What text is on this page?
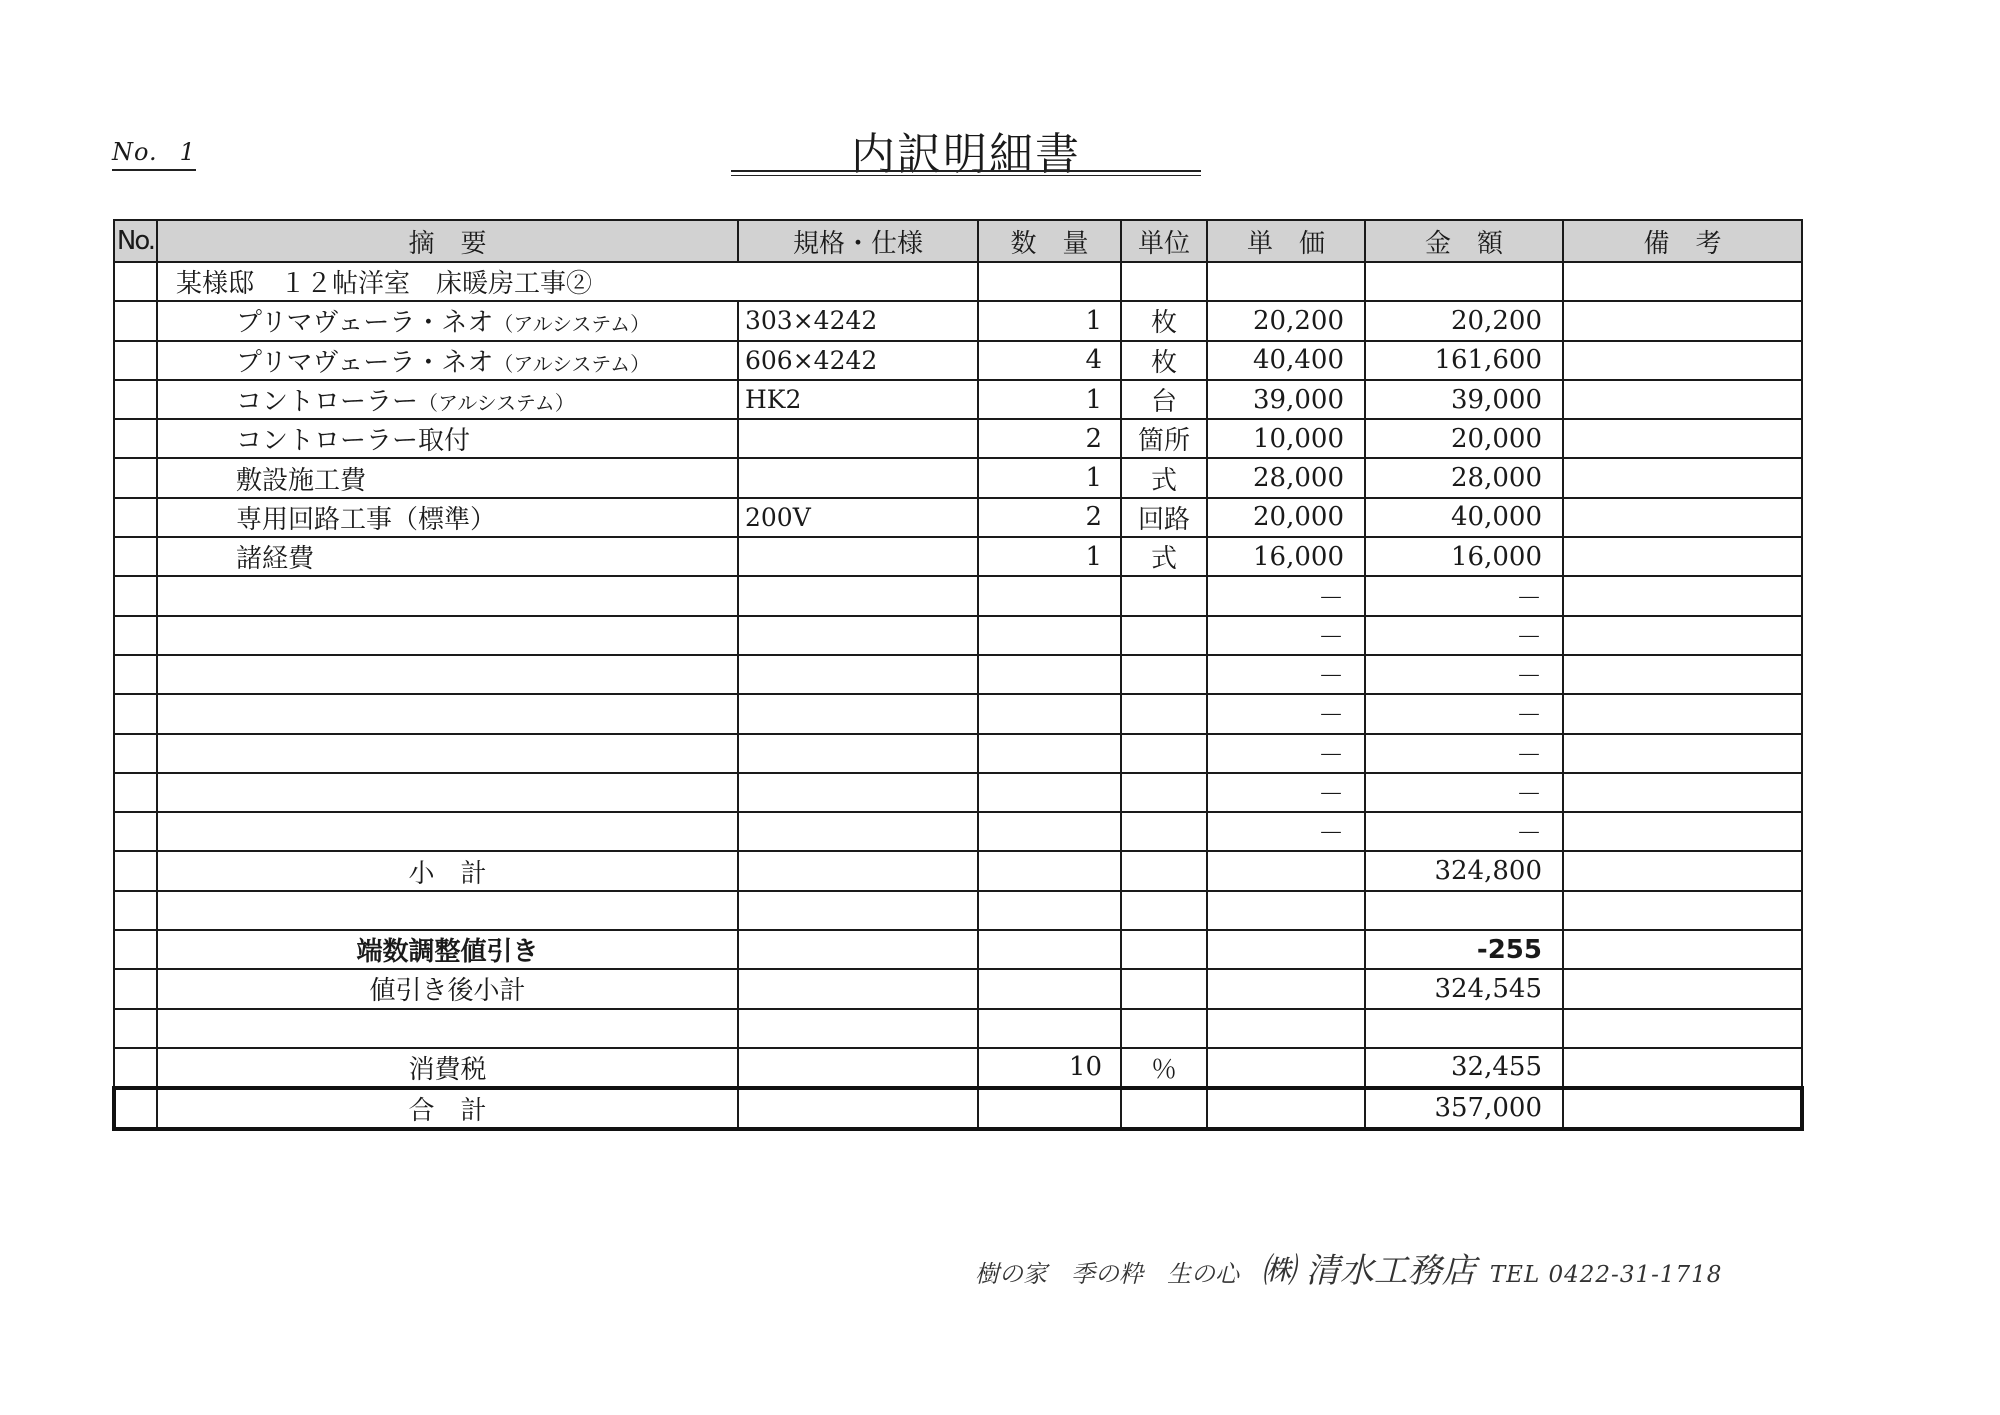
No. 1	内訳明細書
No.	摘　要	規格・仕様	数　量	単位	単　価	金　額	備　考
	某様邸　１２帖洋室　床暖房工事②						
	プリマヴェーラ・ネオ（アルシステム）	303×4242	1	枚	20,200	20,200	
	プリマヴェーラ・ネオ（アルシステム）	606×4242	4	枚	40,400	161,600	
	コントローラー（アルシステム）	HK2	1	台	39,000	39,000	
	コントローラー取付		2	箇所	10,000	20,000	
	敷設施工費		1	式	28,000	28,000	
	専用回路工事（標準）	200V	2	回路	20,000	40,000	
	諸経費		1	式	16,000	16,000	
					－	－	
					－	－	
					－	－	
					－	－	
					－	－	
					－	－	
					－	－	
	小　計					324,800	

	端数調整値引き					-255	
	値引き後小計					324,545	

	消費税		10	％		32,455	
	合　計					357,000	
樹の家　季の粋　生の心 ㈱ 清水工務店 TEL 0422-31-1718
